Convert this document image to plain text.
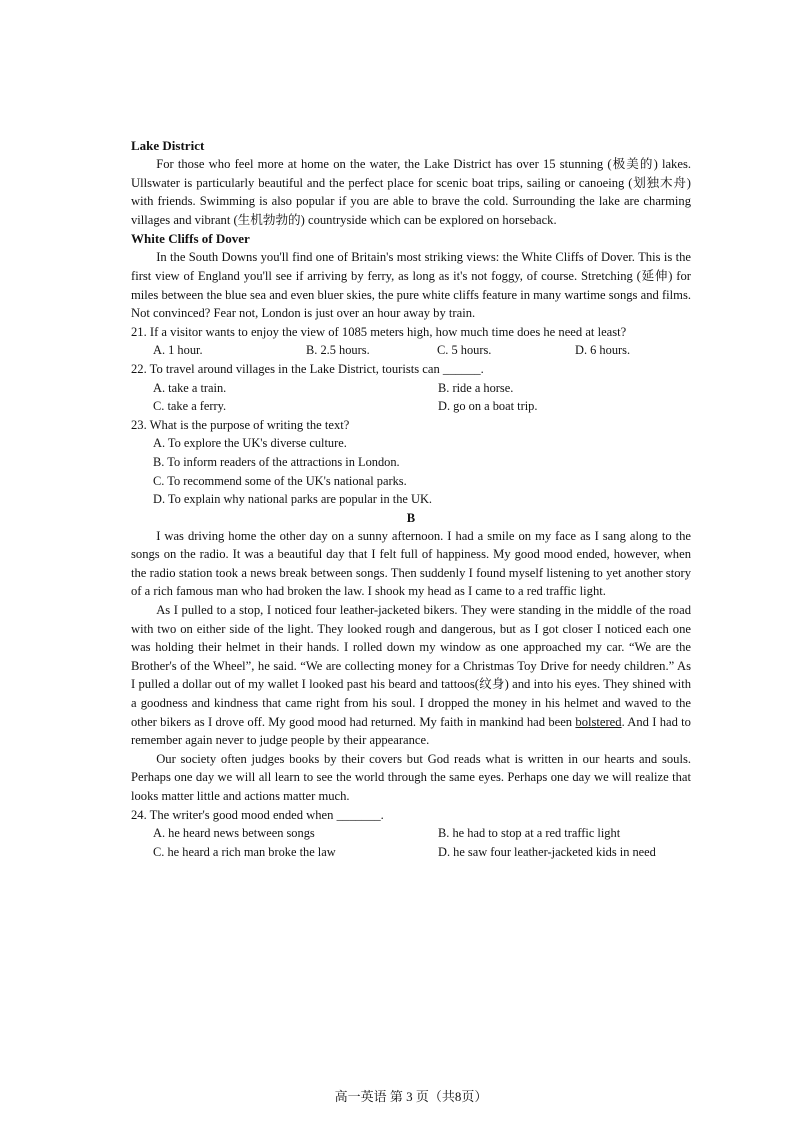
Lake District

For those who feel more at home on the water, the Lake District has over 15 stunning (极美的) lakes. Ullswater is particularly beautiful and the perfect place for scenic boat trips, sailing or canoeing (划独木舟) with friends. Swimming is also popular if you are able to brave the cold. Surrounding the lake are charming villages and vibrant (生机勃勃的) countryside which can be explored on horseback.

White Cliffs of Dover

In the South Downs you'll find one of Britain's most striking views: the White Cliffs of Dover. This is the first view of England you'll see if arriving by ferry, as long as it's not foggy, of course. Stretching (延伸) for miles between the blue sea and even bluer skies, the pure white cliffs feature in many wartime songs and films. Not convinced? Fear not, London is just over an hour away by train.

21. If a visitor wants to enjoy the view of 1085 meters high, how much time does he need at least?

A. 1 hour.	B. 2.5 hours.	C. 5 hours.	D. 6 hours.

22. To travel around villages in the Lake District, tourists can ______.

A. take a train.	B. ride a horse.
C. take a ferry.	D. go on a boat trip.

23. What is the purpose of writing the text?

A. To explore the UK's diverse culture.
B. To inform readers of the attractions in London.
C. To recommend some of the UK's national parks.
D. To explain why national parks are popular in the UK.
B

I was driving home the other day on a sunny afternoon. I had a smile on my face as I sang along to the songs on the radio. It was a beautiful day that I felt full of happiness. My good mood ended, however, when the radio station took a news break between songs. Then suddenly I found myself listening to yet another story of a rich famous man who had broken the law. I shook my head as I came to a red traffic light.

As I pulled to a stop, I noticed four leather-jacketed bikers. They were standing in the middle of the road with two on either side of the light. They looked rough and dangerous, but as I got closer I noticed each one was holding their helmet in their hands. I rolled down my window as one approached my car. “We are the Brother's of the Wheel”, he said. “We are collecting money for a Christmas Toy Drive for needy children.” As I pulled a dollar out of my wallet I looked past his beard and tattoos(纹身) and into his eyes. They shined with a goodness and kindness that came right from his soul. I dropped the money in his helmet and waved to the other bikers as I drove off. My good mood had returned. My faith in mankind had been bolstered. And I had to remember again never to judge people by their appearance.

Our society often judges books by their covers but God reads what is written in our hearts and souls. Perhaps one day we will all learn to see the world through the same eyes. Perhaps one day we will realize that looks matter little and actions matter much.

24. The writer's good mood ended when _______.

A. he heard news between songs	B. he had to stop at a red traffic light
C. he heard a rich man broke the law	D. he saw four leather-jacketed kids in need
高一英语 第 3 页（共8页）
